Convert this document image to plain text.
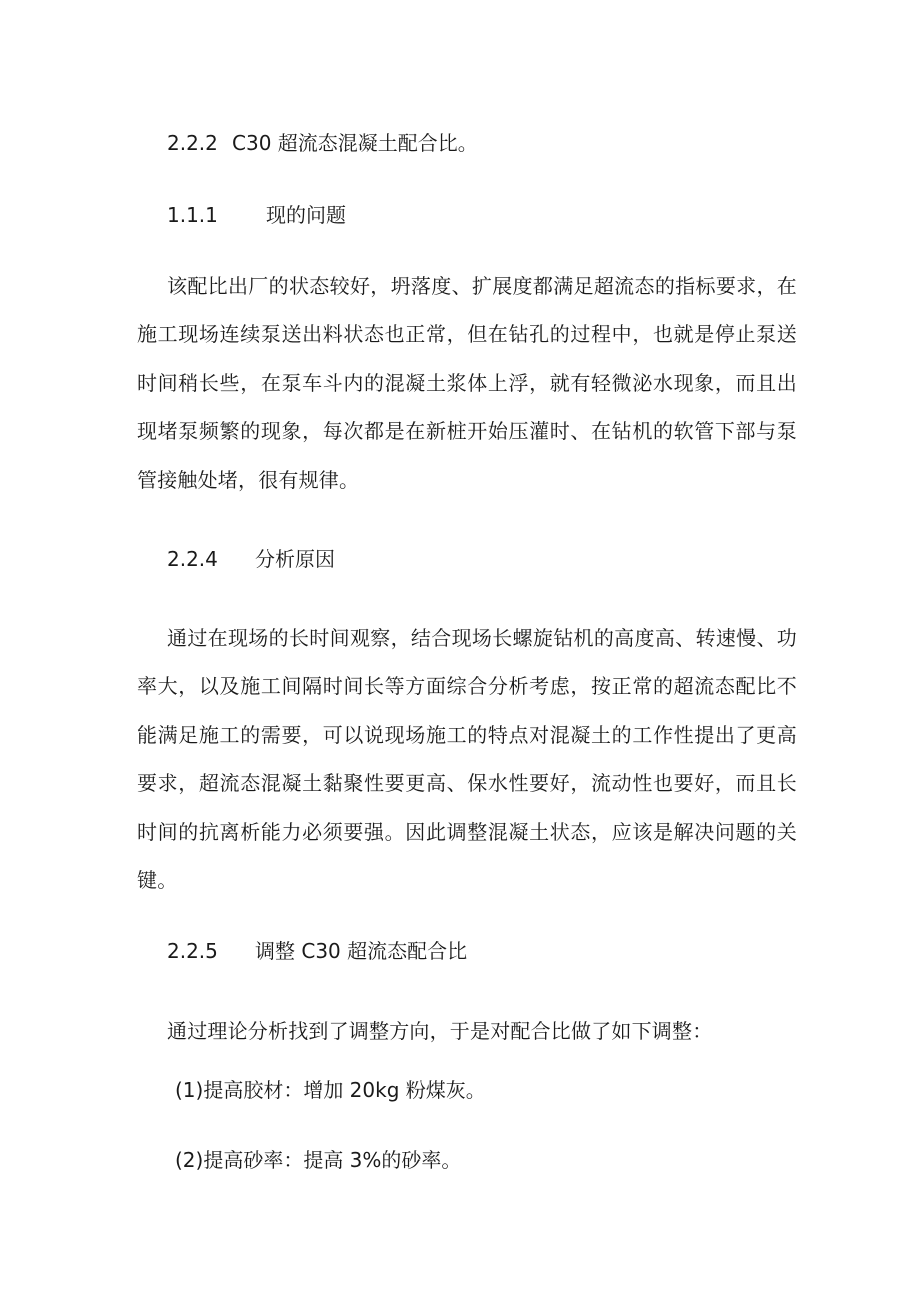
2.2.2 C30 超流态混凝土配合比。
1.1.1 现的问题

该配比出厂的状态较好，坍落度、扩展度都满足超流态的指标要求，在施工现场连续泵送出料状态也正常，但在钻孔的过程中，也就是停止泵送时间稍长些，在泵车斗内的混凝土浆体上浮，就有轻微泌水现象，而且出现堵泵频繁的现象，每次都是在新桩开始压灌时、在钻机的软管下部与泵管接触处堵，很有规律。

2.2.4 分析原因

通过在现场的长时间观察，结合现场长螺旋钻机的高度高、转速慢、功率大，以及施工间隔时间长等方面综合分析考虑，按正常的超流态配比不能满足施工的需要，可以说现场施工的特点对混凝土的工作性提出了更高要求，超流态混凝土黏聚性要更高、保水性要好，流动性也要好，而且长时间的抗离析能力必须要强。因此调整混凝土状态，应该是解决问题的关键。

2.2.5 调整 C30 超流态配合比

通过理论分析找到了调整方向，于是对配合比做了如下调整：

(1)提高胶材：增加 20kg 粉煤灰。

(2)提高砂率：提高 3%的砂率。
